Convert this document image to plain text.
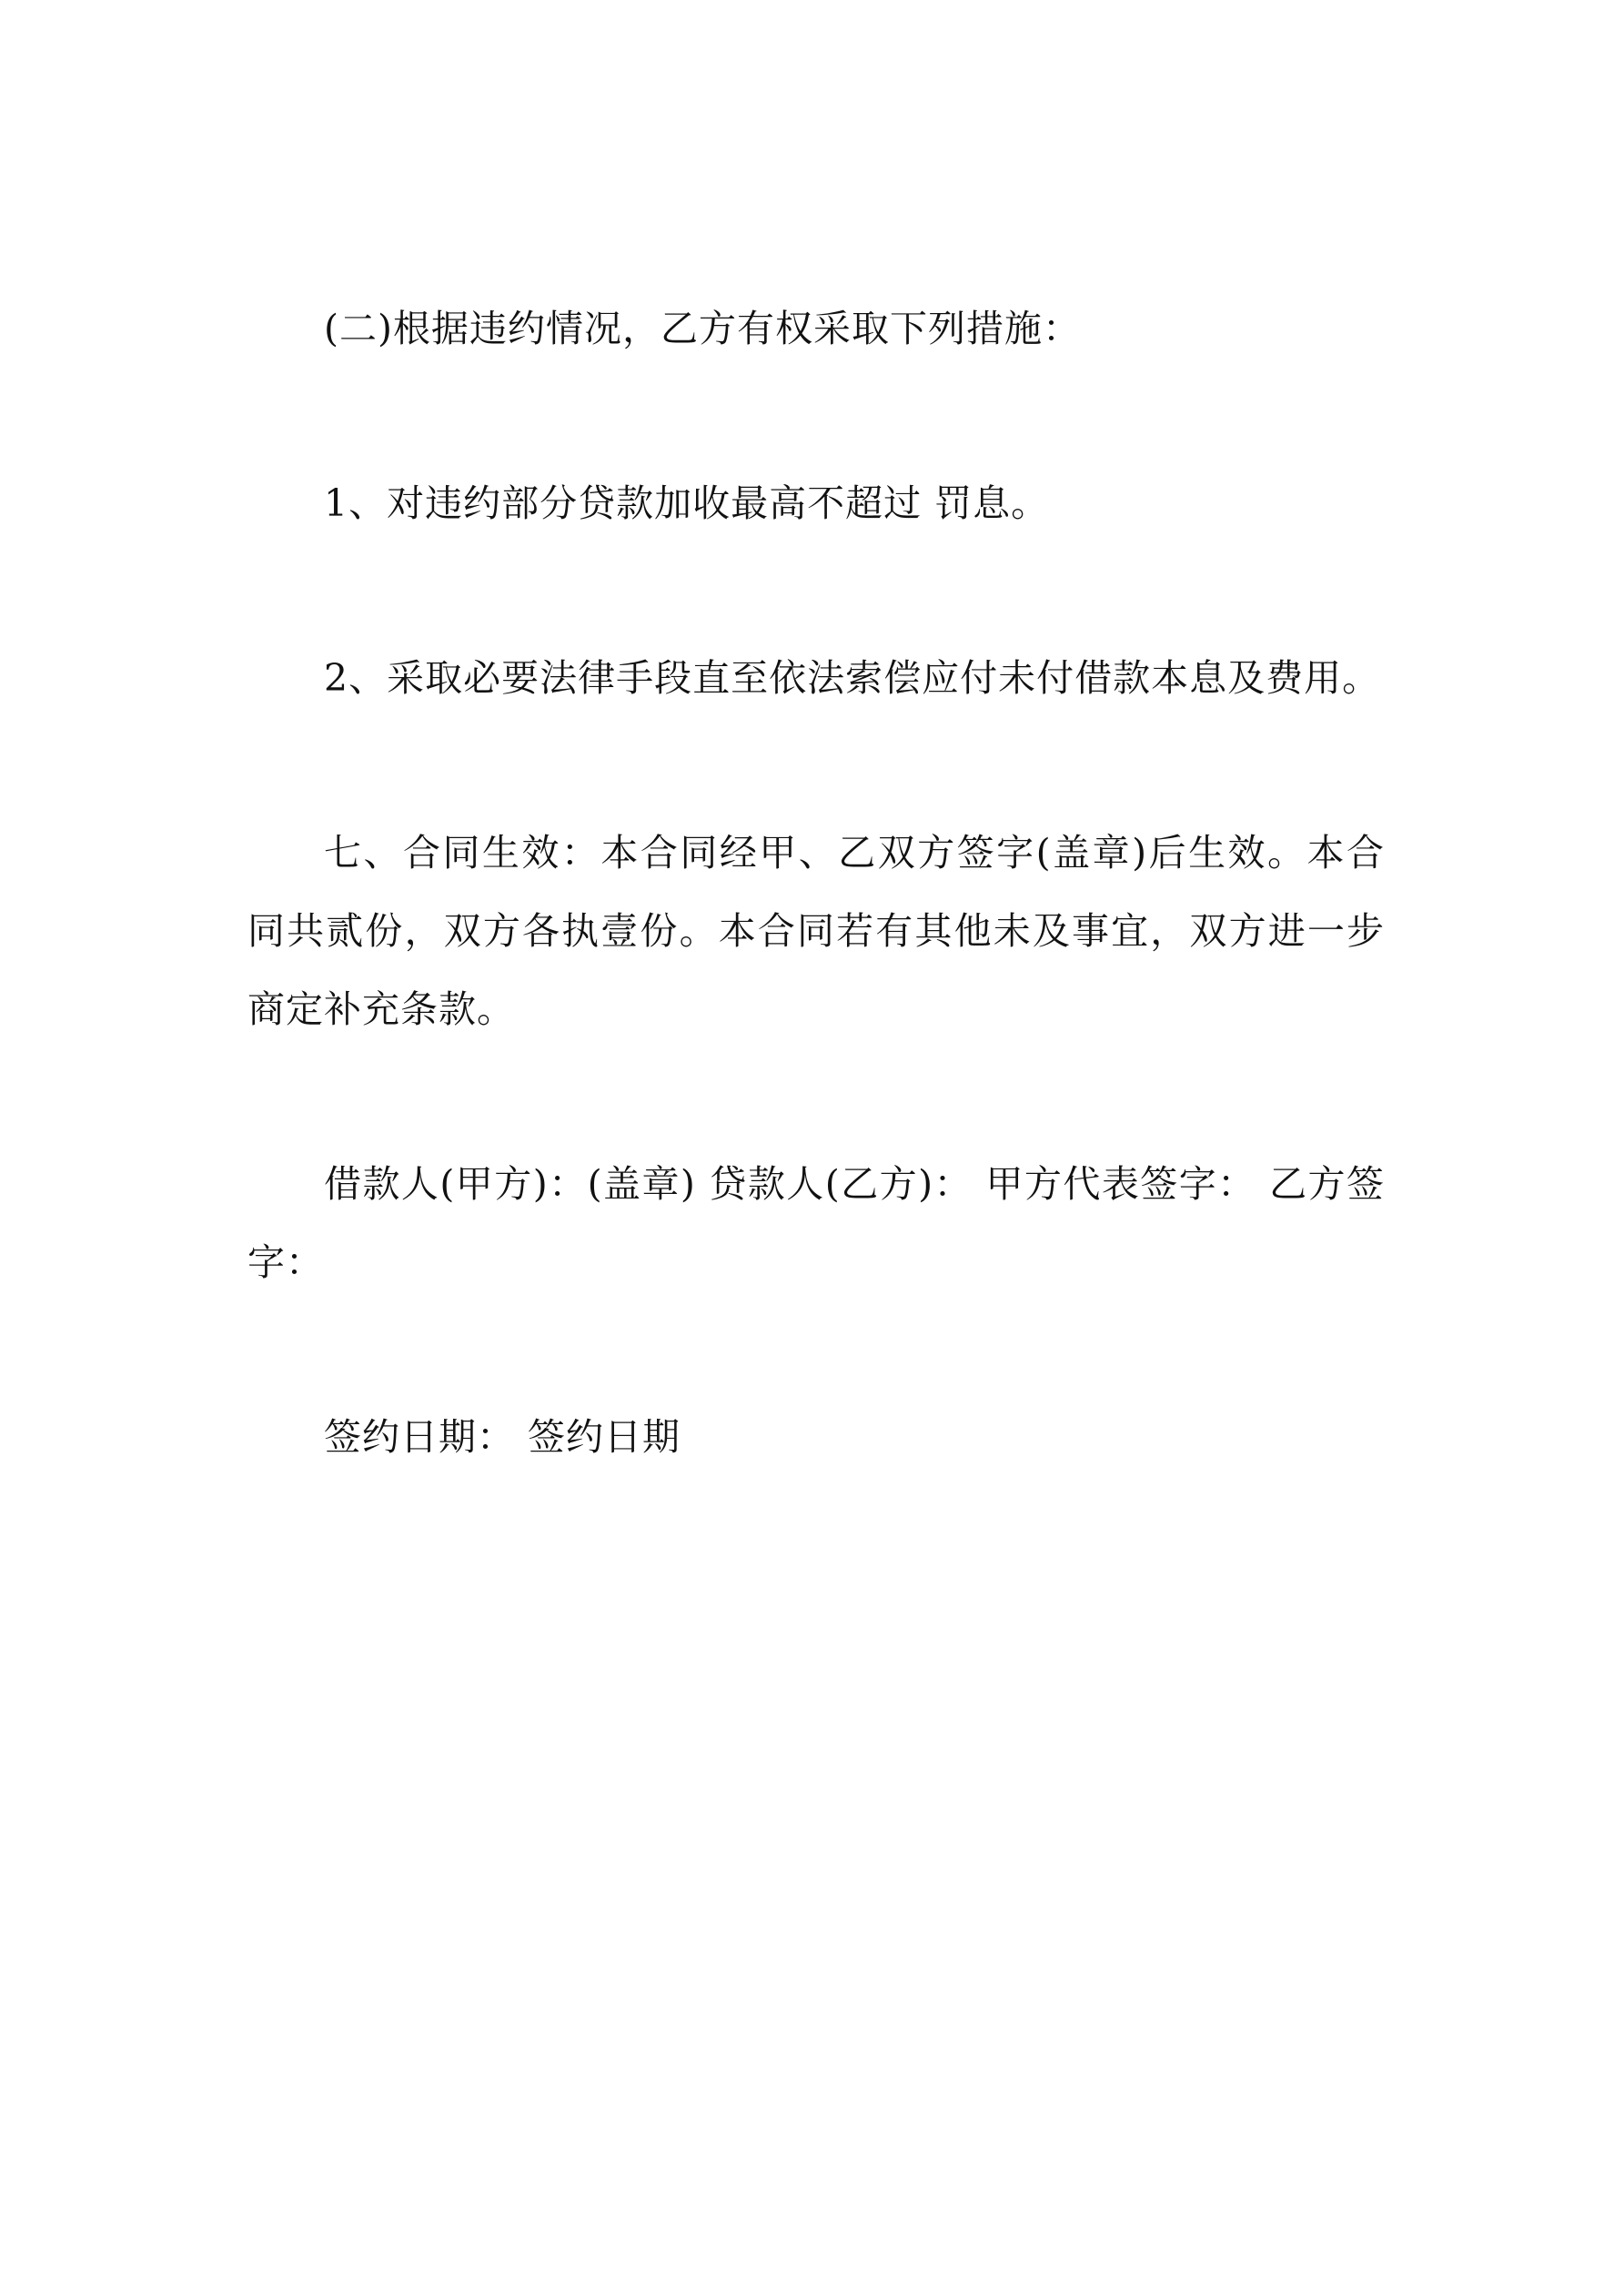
(二)根据违约情况，乙方有权采取下列措施：

1、对违约部分贷款加收最高不超过 罚息。

2、采取必要法律手段直至依法索偿应付未付借款本息及费用。

七、合同生效：本合同经甲、乙双方签字(盖章)后生效。本合同共贰份，双方各执壹份。本合同若有其他未及事宜，双方进一步商定补充条款。

借款人(甲方)：(盖章) 贷款人(乙方)： 甲方代表签字： 乙方签字：

签约日期： 签约日期
